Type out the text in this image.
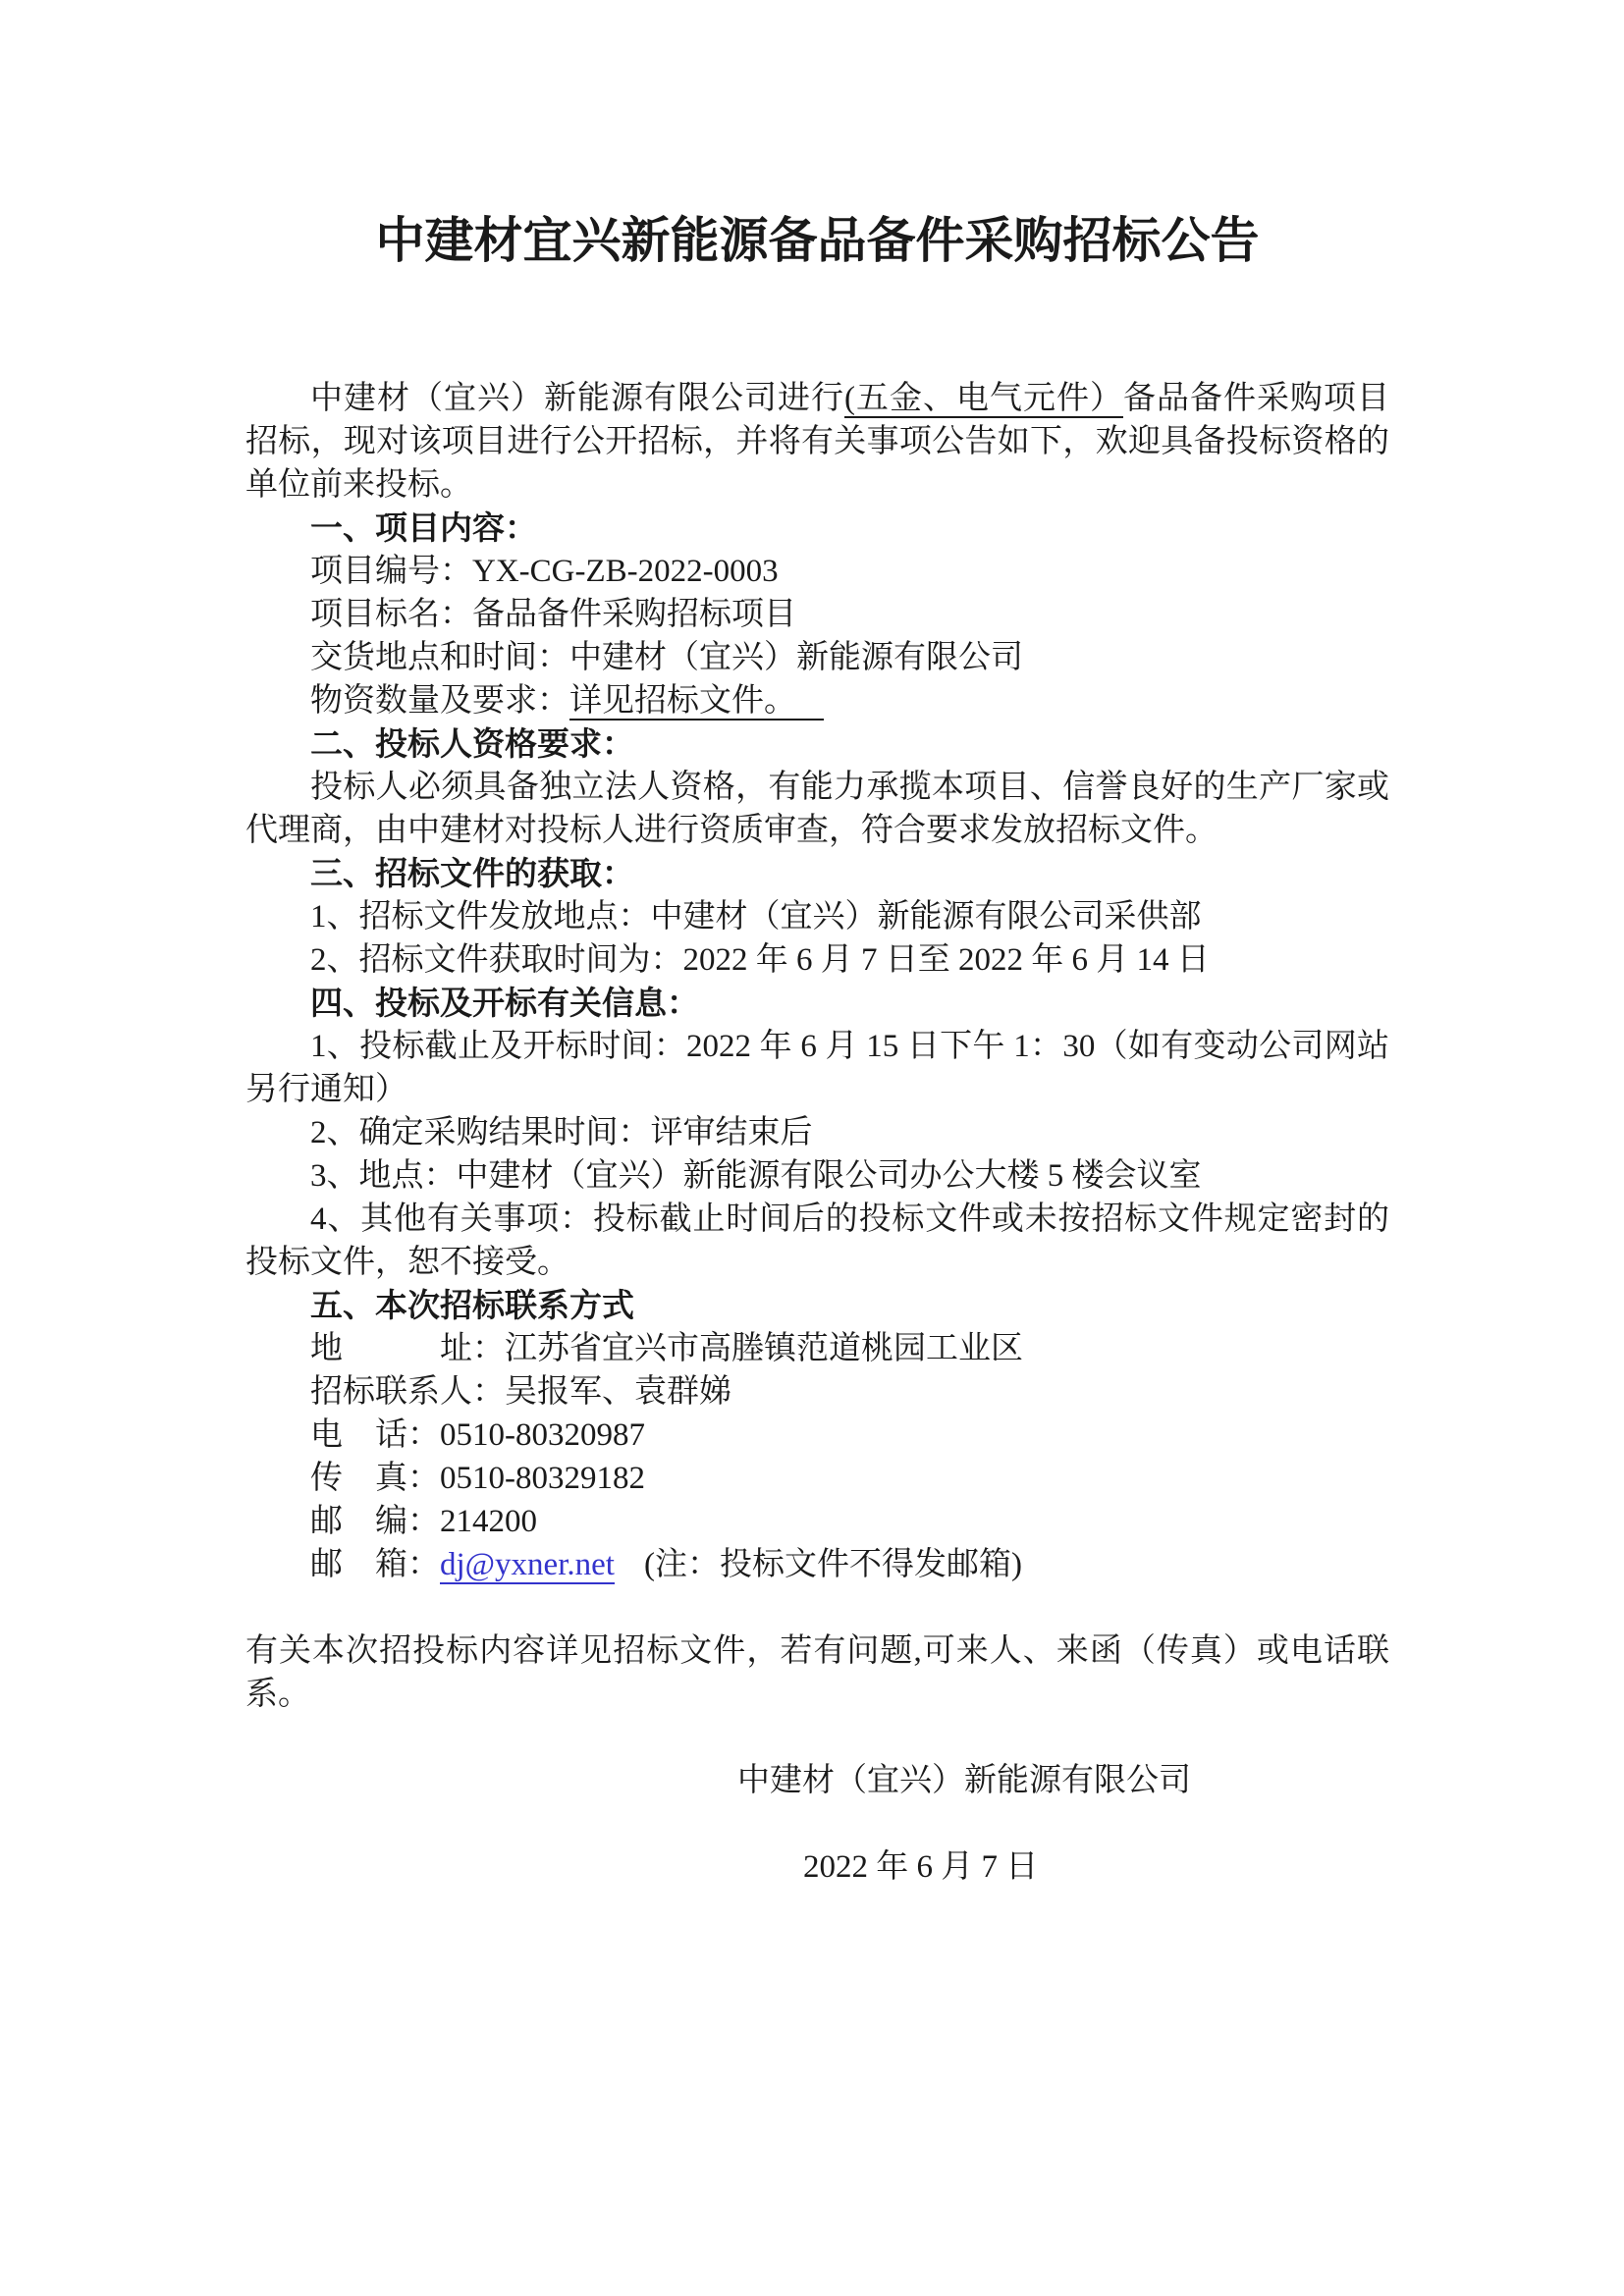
中建材宜兴新能源备品备件采购招标公告

中建材（宜兴）新能源有限公司进行(五金、电气元件）备品备件采购项目招标，现对该项目进行公开招标，并将有关事项公告如下，欢迎具备投标资格的单位前来投标。

一、项目内容：

项目编号：YX-CG-ZB-2022-0003

项目标名：备品备件采购招标项目

交货地点和时间：中建材（宜兴）新能源有限公司

物资数量及要求：详见招标文件。

二、投标人资格要求：

投标人必须具备独立法人资格，有能力承揽本项目、信誉良好的生产厂家或代理商，由中建材对投标人进行资质审查，符合要求发放招标文件。

三、招标文件的获取：

1、招标文件发放地点：中建材（宜兴）新能源有限公司采供部

2、招标文件获取时间为：2022 年 6 月 7 日至 2022 年 6 月 14 日

四、投标及开标有关信息：

1、投标截止及开标时间：2022 年 6 月 15 日下午 1：30（如有变动公司网站另行通知）

2、确定采购结果时间：评审结束后

3、地点：中建材（宜兴）新能源有限公司办公大楼 5 楼会议室

4、其他有关事项：投标截止时间后的投标文件或未按招标文件规定密封的投标文件，恕不接受。

五、本次招标联系方式

地　　　址：江苏省宜兴市高塍镇范道桃园工业区

招标联系人：吴报军、袁群娣

电　话：0510-80320987

传　真：0510-80329182

邮　编：214200

邮　箱：dj@yxner.net (注：投标文件不得发邮箱)

有关本次招投标内容详见招标文件，若有问题,可来人、来函（传真）或电话联系。

中建材（宜兴）新能源有限公司

2022 年 6 月 7 日
